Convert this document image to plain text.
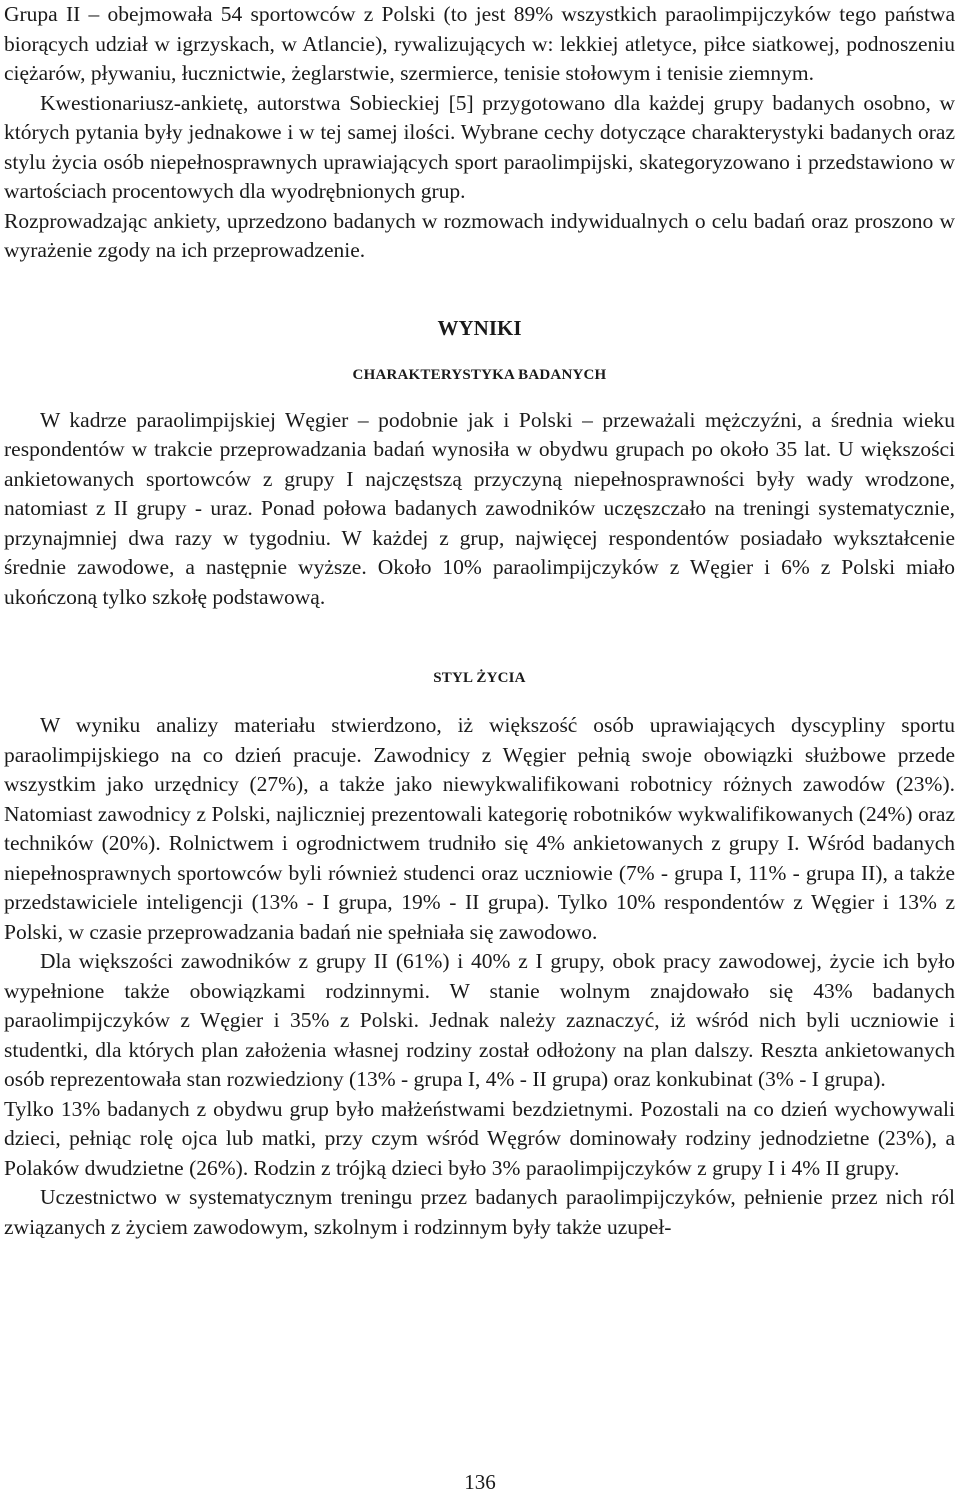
Grupa II – obejmowała 54 sportowców z Polski (to jest 89% wszystkich paraolimpijczyków tego państwa biorących udział w igrzyskach, w Atlancie), rywalizujących w: lekkiej atletyce, piłce siatkowej, podnoszeniu ciężarów, pływaniu, łucznictwie, żeglarstwie, szermierce, tenisie stołowym i tenisie ziemnym.

Kwestionariusz-ankietę, autorstwa Sobieckiej [5] przygotowano dla każdej grupy badanych osobno, w których pytania były jednakowe i w tej samej ilości. Wybrane cechy dotyczące charakterystyki badanych oraz stylu życia osób niepełnosprawnych uprawiających sport paraolimpijski, skategoryzowano i przedstawiono w wartościach procentowych dla wyodrębnionych grup.

Rozprowadzając ankiety, uprzedzono badanych w rozmowach indywidualnych o celu badań oraz proszono w wyrażenie zgody na ich przeprowadzenie.

WYNIKI

CHARAKTERYSTYKA BADANYCH

W kadrze paraolimpijskiej Węgier – podobnie jak i Polski – przeważali mężczyźni, a średnia wieku respondentów w trakcie przeprowadzania badań wynosiła w obydwu grupach po około 35 lat. U większości ankietowanych sportowców z grupy I najczęstszą przyczyną niepełnosprawności były wady wrodzone, natomiast z II grupy - uraz. Ponad połowa badanych zawodników uczęszczało na treningi systematycznie, przynajmniej dwa razy w tygodniu. W każdej z grup, najwięcej respondentów posiadało wykształcenie średnie zawodowe, a następnie wyższe. Około 10% paraolimpijczyków z Węgier i 6% z Polski miało ukończoną tylko szkołę podstawową.

STYL ŻYCIA

W wyniku analizy materiału stwierdzono, iż większość osób uprawiających dyscypliny sportu paraolimpijskiego na co dzień pracuje. Zawodnicy z Węgier pełnią swoje obowiązki służbowe przede wszystkim jako urzędnicy (27%), a także jako niewykwalifikowani robotnicy różnych zawodów (23%). Natomiast zawodnicy z Polski, najliczniej prezentowali kategorię robotników wykwalifikowanych (24%) oraz techników (20%). Rolnictwem i ogrodnictwem trudniło się 4% ankietowanych z grupy I. Wśród badanych niepełnosprawnych sportowców byli również studenci oraz uczniowie (7% - grupa I, 11% - grupa II), a także przedstawiciele inteligencji (13% - I grupa, 19% - II grupa). Tylko 10% respondentów z Węgier i 13% z Polski, w czasie przeprowadzania badań nie spełniała się zawodowo.

Dla większości zawodników z grupy II (61%) i 40% z I grupy, obok pracy zawodowej, życie ich było wypełnione także obowiązkami rodzinnymi. W stanie wolnym znajdowało się 43% badanych paraolimpijczyków z Węgier i 35% z Polski. Jednak należy zaznaczyć, iż wśród nich byli uczniowie i studentki, dla których plan założenia własnej rodziny został odłożony na plan dalszy. Reszta ankietowanych osób reprezentowała stan rozwiedziony (13% - grupa I, 4% - II grupa) oraz konkubinat (3% - I grupa).

Tylko 13% badanych z obydwu grup było małżeństwami bezdzietnymi. Pozostali na co dzień wychowywali dzieci, pełniąc rolę ojca lub matki, przy czym wśród Węgrów dominowały rodziny jednodzietne (23%), a Polaków dwudzietne (26%). Rodzin z trójką dzieci było 3% paraolimpijczyków z grupy I i 4% II grupy.

Uczestnictwo w systematycznym treningu przez badanych paraolimpijczyków, pełnienie przez nich ról związanych z życiem zawodowym, szkolnym i rodzinnym były także uzupeł-

136
